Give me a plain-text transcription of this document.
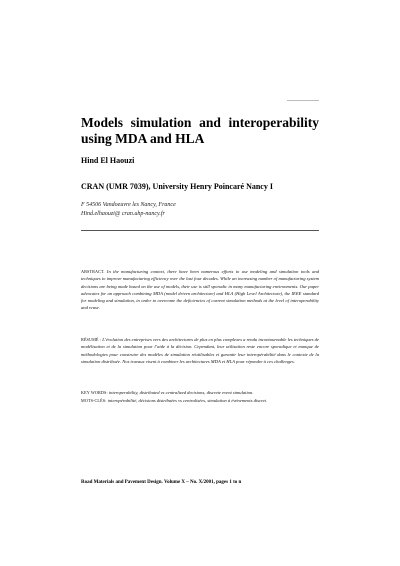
Models simulation and interoperability using MDA and HLA
Hind El Haouzi
CRAN (UMR 7039), University Henry Poincaré Nancy I
F 54506 Vandoeuvre les Nancy, France
Hind.elhaouzi@ cran.uhp-nancy.fr
ABSTRACT. In the manufacturing context, there have been numerous efforts to use modeling and simulation tools and techniques to improve manufacturing efficiency over the last four decades. While an increasing number of manufacturing system decisions are being made based on the use of models, their use is still sporadic in many manufacturing environments. Our paper advocates for an approach combining MDA (model driven architecture) and HLA (High Level Architecture), the IEEE standard for modeling and simulation, in order to overcome the deficiencies of current simulation methods at the level of interoperability and reuse.
RÉSUMÉ : L’évolution des entreprises vers des architectures de plus en plus complexes a rendu incontournable les techniques de modélisation et de la simulation pour l’aide à la décision. Cependant, leur utilisation reste encore sporadique et manque de méthodologies pour construire des modèles de simulation réutilisables et garantir leur interopérabilité dans le contexte de la simulation distribuée. Nos travaux visent à combiner les architectures MDA et HLA pour répondre à ces challenges.
KEY WORDS: interoperability, distributed vs centralized decisions, discrete event simulation.
MOTS-CLÉS: interopérabilité, décisions distribuées vs centralisées, simulation à événements discret.
Road Materials and Pavement Design. Volume X – No. X/2001, pages 1 to n
